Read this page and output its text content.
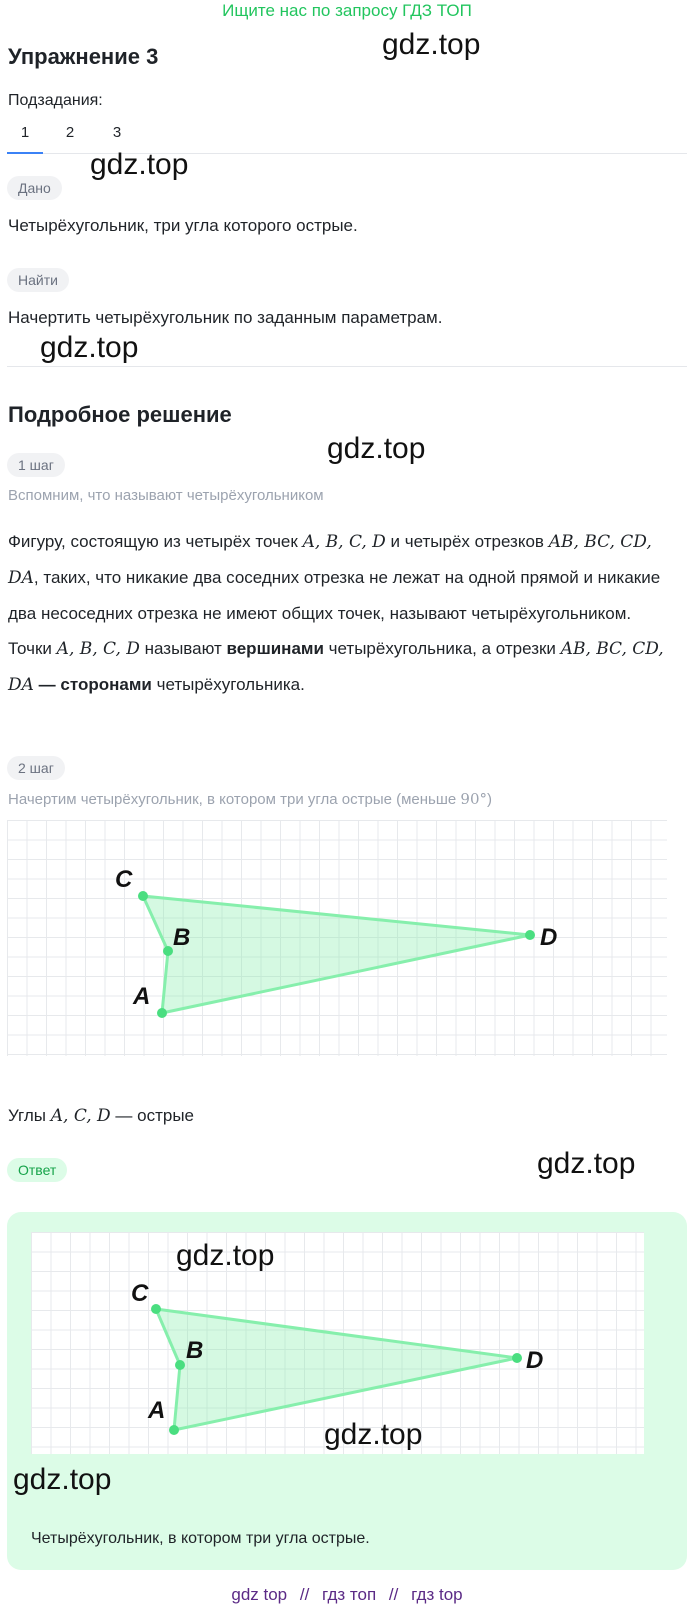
Ищите нас по запросу ГДЗ ТОП
gdz.top
Упражнение 3
Подзадания:
1	2	3
gdz.top
Дано
Четырёхугольник, три угла которого острые.
Найти
Начертить четырёхугольник по заданным параметрам.
gdz.top
Подробное решение
gdz.top
1 шаг
Вспомним, что называют четырёхугольником
Фигуру, состоящую из четырёх точек A, B, C, D и четырёх отрезков AB, BC, CD, DA, таких, что никакие два соседних отрезка не лежат на одной прямой и никакие два несоседних отрезка не имеют общих точек, называют четырёхугольником. Точки A, B, C, D называют вершинами четырёхугольника, а отрезки AB, BC, CD, DA — сторонами четырёхугольника.
2 шаг
Начертим четырёхугольник, в котором три угла острые (меньше 90°)
C
B
A
D
Углы A, C, D — острые
Ответ	gdz.top
C
B
A
D
gdz.top
gdz.top
gdz.top
Четырёхугольник, в котором три угла острые.
gdz top // гдз топ // гдз top
